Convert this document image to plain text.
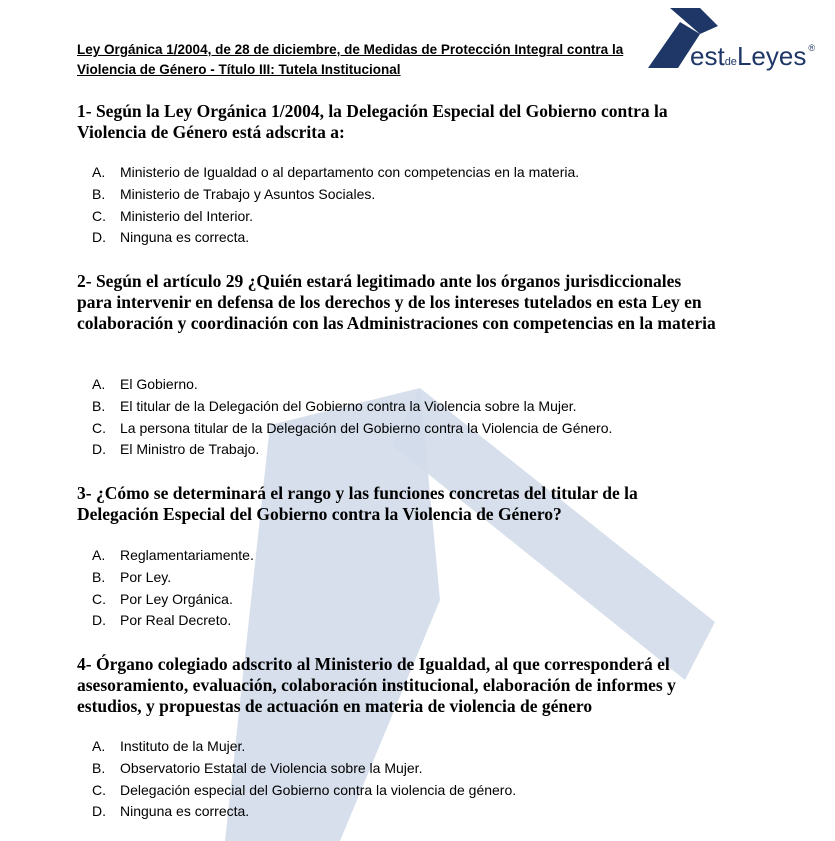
Ley Orgánica 1/2004, de 28 de diciembre, de Medidas de Protección Integral contra la
Violencia de Género - Título III: Tutela Institucional	estdeLeyes ®

1- Según la Ley Orgánica 1/2004, la Delegación Especial del Gobierno contra la Violencia de Género está adscrita a:

A. Ministerio de Igualdad o al departamento con competencias en la materia.
B. Ministerio de Trabajo y Asuntos Sociales.
C. Ministerio del Interior.
D. Ninguna es correcta.

2- Según el artículo 29 ¿Quién estará legitimado ante los órganos jurisdiccionales para intervenir en defensa de los derechos y de los intereses tutelados en esta Ley en colaboración y coordinación con las Administraciones con competencias en la materia

A. El Gobierno.
B. El titular de la Delegación del Gobierno contra la Violencia sobre la Mujer.
C. La persona titular de la Delegación del Gobierno contra la Violencia de Género.
D. El Ministro de Trabajo.

3- ¿Cómo se determinará el rango y las funciones concretas del titular de la Delegación Especial del Gobierno contra la Violencia de Género?

A. Reglamentariamente.
B. Por Ley.
C. Por Ley Orgánica.
D. Por Real Decreto.

4- Órgano colegiado adscrito al Ministerio de Igualdad, al que corresponderá el asesoramiento, evaluación, colaboración institucional, elaboración de informes y estudios, y propuestas de actuación en materia de violencia de género

A. Instituto de la Mujer.
B. Observatorio Estatal de Violencia sobre la Mujer.
C. Delegación especial del Gobierno contra la violencia de género.
D. Ninguna es correcta.
